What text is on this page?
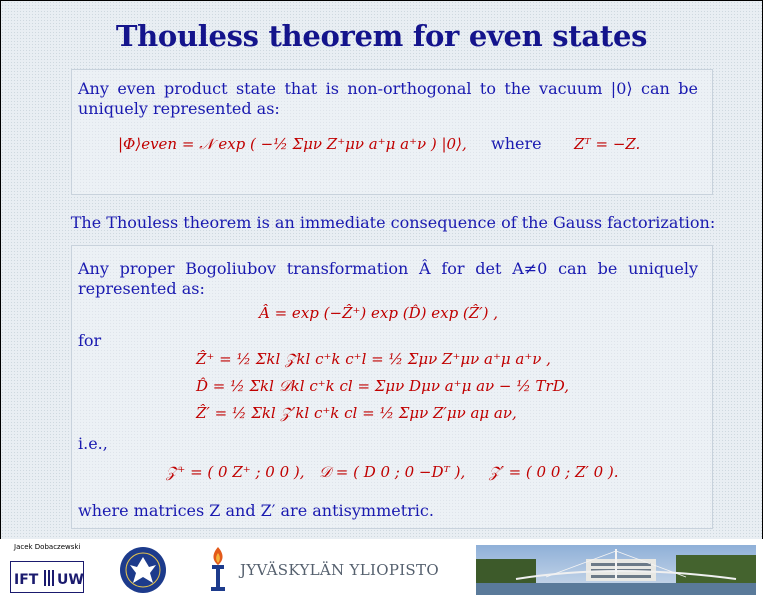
Thouless theorem for even states
Any even product state that is non-orthogonal to the vacuum |0⟩ can be uniquely represented as:
|Φ⟩even = 𝒩 exp ( −½ Σμν Z⁺μν a⁺μ a⁺ν ) |0⟩, where Zᵀ = −Z.
The Thouless theorem is an immediate consequence of the Gauss factorization:
Any proper Bogoliubov transformation Â for det A≠0 can be uniquely represented as:
Â = exp (−Ẑ⁺) exp (D̂) exp (Ẑ′) ,
for
Ẑ⁺ = ½ Σkl 𝒵kl c⁺k c⁺l = ½ Σμν Z⁺μν a⁺μ a⁺ν ,
D̂ = ½ Σkl 𝒟kl c⁺k cl = Σμν Dμν a⁺μ aν − ½ TrD,
Ẑ′ = ½ Σkl 𝒵′kl c⁺k cl = ½ Σμν Z′μν aμ aν,
i.e.,
𝒵⁺ = ( 0 Z⁺ ; 0 0 ), 𝒟 = ( D 0 ; 0 −Dᵀ ), 𝒵′ = ( 0 0 ; Z′ 0 ).
where matrices Z and Z′ are antisymmetric.
Jacek Dobaczewski
IFT UW
JYVÄSKYLÄN YLIOPISTO
